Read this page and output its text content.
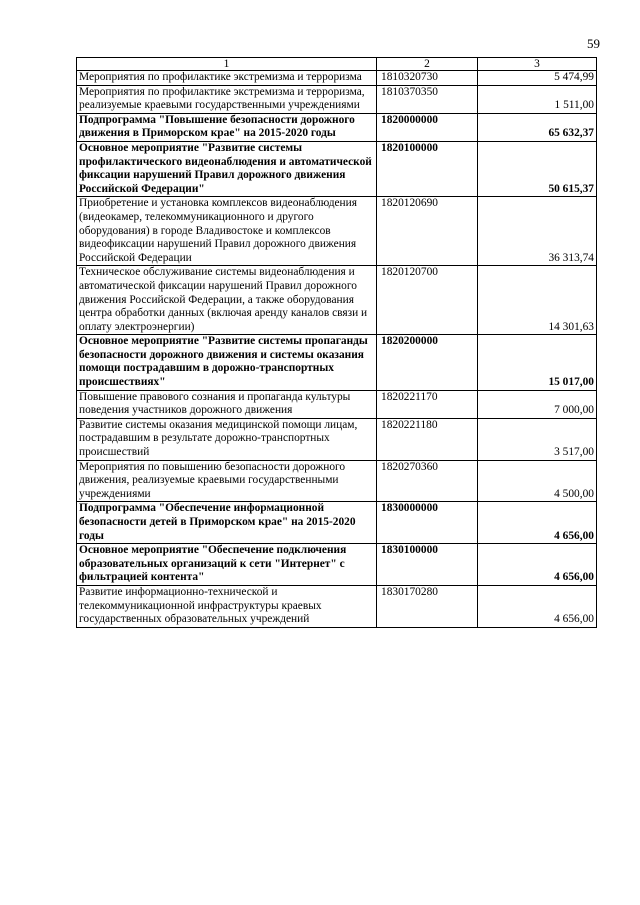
59
1	2	3
Мероприятия по профилактике экстремизма и терроризма	1810320730	5 474,99
Мероприятия по профилактике экстремизма и терроризма, реализуемые краевыми государственными учреждениями	1810370350	1 511,00
Подпрограмма "Повышение безопасности дорожного движения в Приморском крае" на 2015-2020 годы	1820000000	65 632,37
Основное мероприятие "Развитие системы профилактического видеонаблюдения и автоматической фиксации нарушений Правил дорожного движения Российской Федерации"	1820100000	50 615,37
Приобретение и установка комплексов видеонаблюдения (видеокамер, телекоммуникационного и другого оборудования) в городе Владивостоке и комплексов видеофиксации нарушений Правил дорожного движения Российской Федерации	1820120690	36 313,74
Техническое обслуживание системы видеонаблюдения и автоматической фиксации нарушений Правил дорожного движения Российской Федерации, а также оборудования центра обработки данных (включая аренду каналов связи и оплату электроэнергии)	1820120700	14 301,63
Основное мероприятие "Развитие системы пропаганды безопасности дорожного движения и системы оказания помощи пострадавшим в дорожно-транспортных происшествиях"	1820200000	15 017,00
Повышение правового сознания и пропаганда культуры поведения участников дорожного движения	1820221170	7 000,00
Развитие системы оказания медицинской помощи лицам, пострадавшим в результате дорожно-транспортных происшествий	1820221180	3 517,00
Мероприятия по повышению безопасности дорожного движения, реализуемые краевыми государственными учреждениями	1820270360	4 500,00
Подпрограмма "Обеспечение информационной безопасности детей в Приморском крае" на 2015-2020 годы	1830000000	4 656,00
Основное мероприятие "Обеспечение подключения образовательных организаций к сети "Интернет" с фильтрацией контента"	1830100000	4 656,00
Развитие информационно-технической и телекоммуникационной инфраструктуры краевых государственных образовательных учреждений	1830170280	4 656,00
